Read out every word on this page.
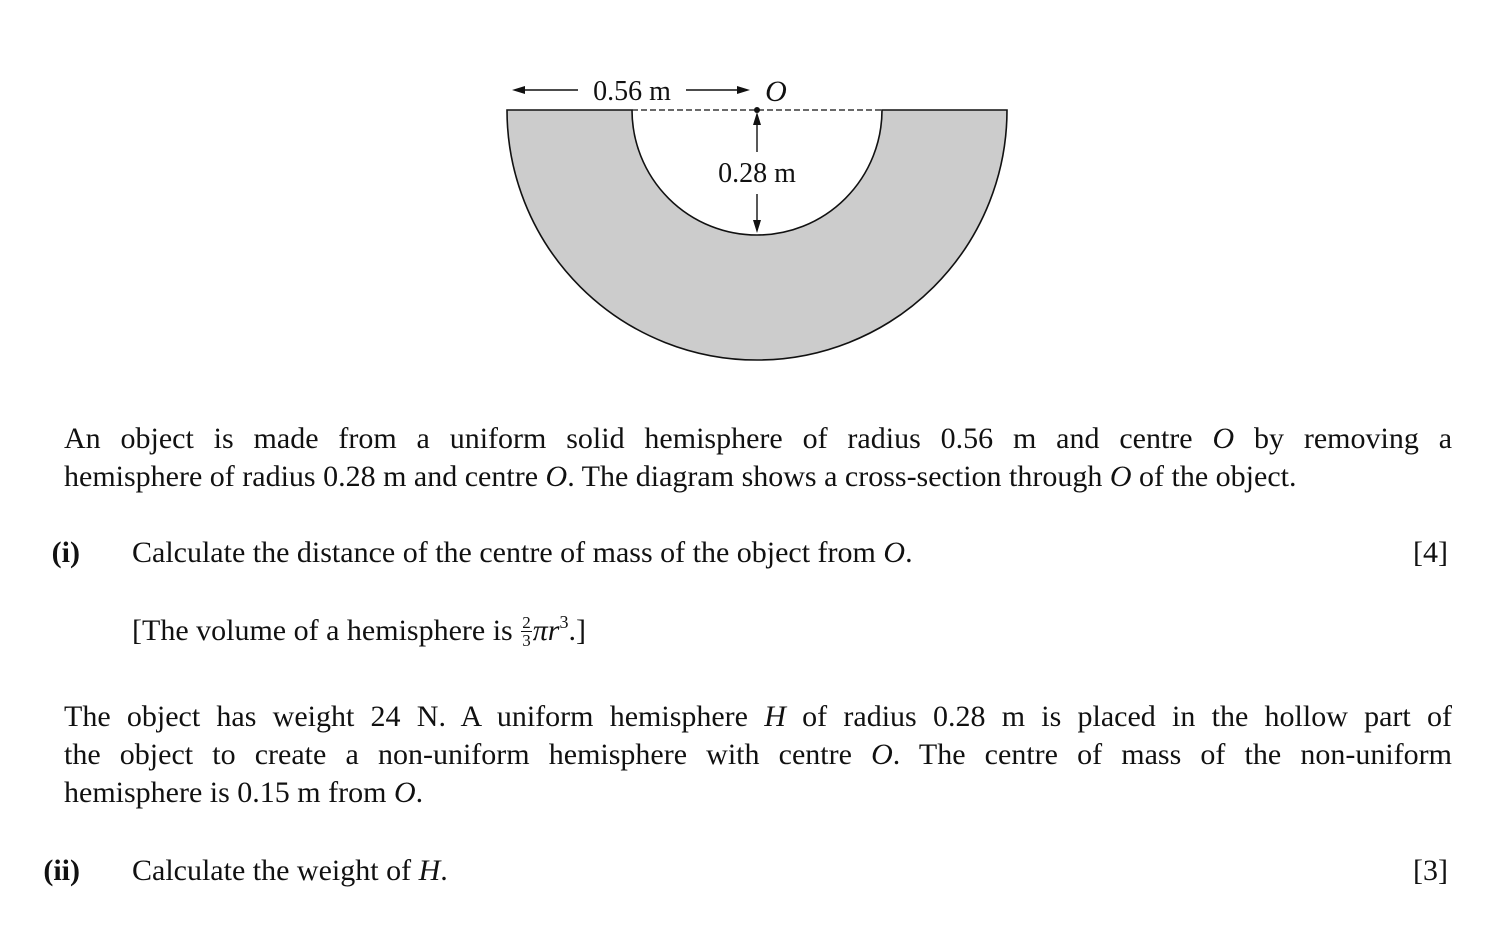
0.56 m	O
0.28 m
An object is made from a uniform solid hemisphere of radius 0.56 m and centre O by removing a
hemisphere of radius 0.28 m and centre O. The diagram shows a cross-section through O of the object.
(i) Calculate the distance of the centre of mass of the object from O.	[4]
[The volume of a hemisphere is $\frac{2}{3} \pi r^3$.]
The object has weight 24 N. A uniform hemisphere H of radius 0.28 m is placed in the hollow part of
the object to create a non-uniform hemisphere with centre O. The centre of mass of the non-uniform
hemisphere is 0.15 m from O.
(ii) Calculate the weight of H.	[3]
